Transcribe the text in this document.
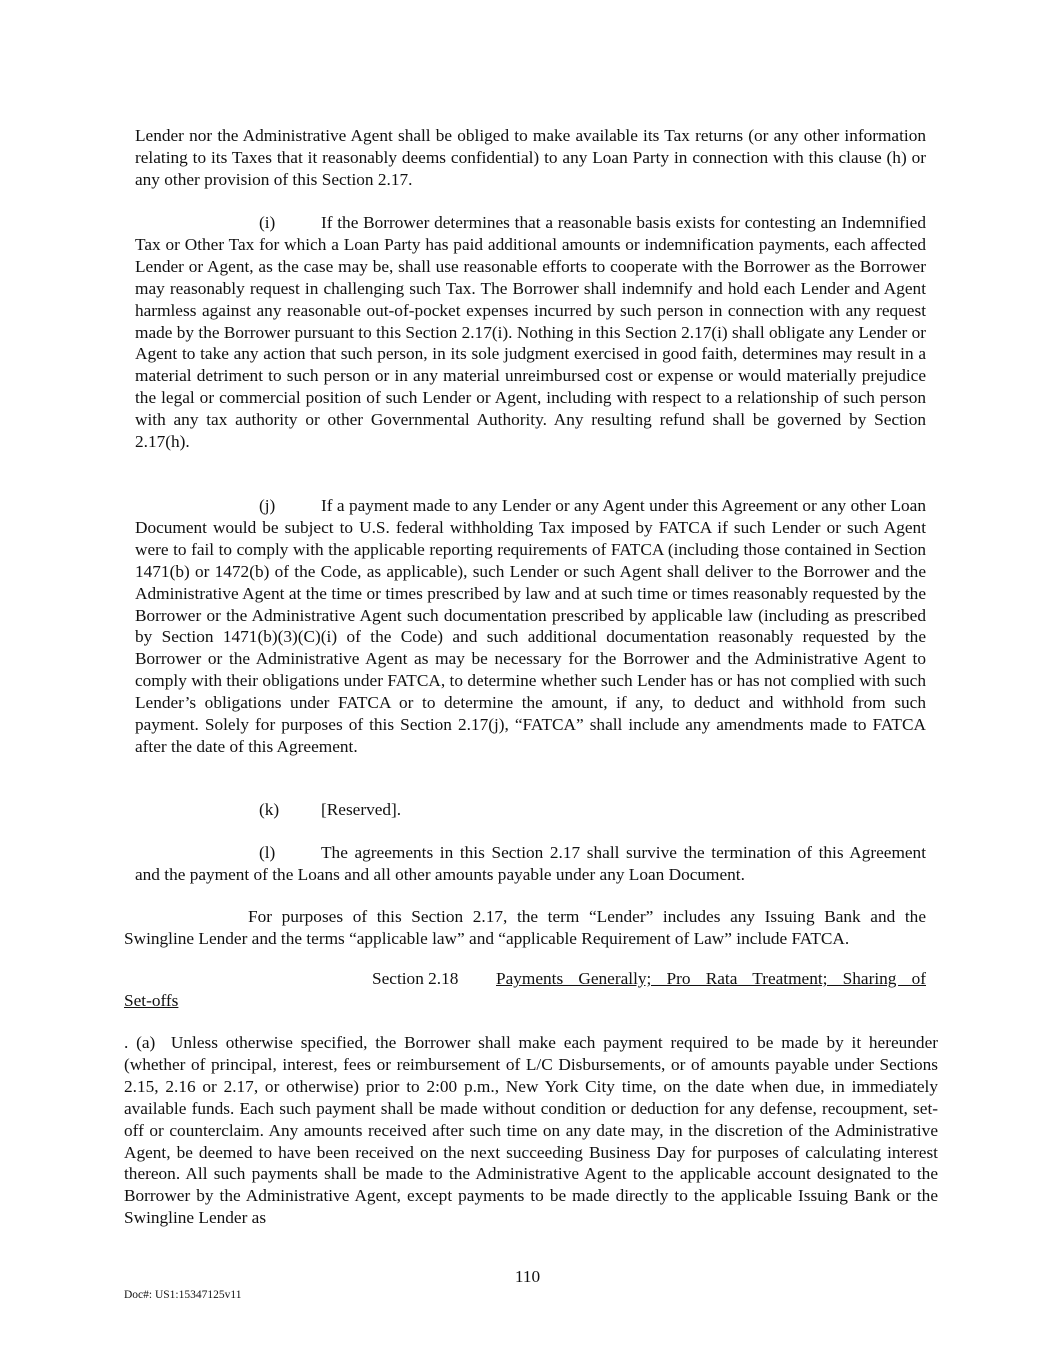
Lender nor the Administrative Agent shall be obliged to make available its Tax returns (or any other information relating to its Taxes that it reasonably deems confidential) to any Loan Party in connection with this clause (h) or any other provision of this Section 2.17.

(i)	If the Borrower determines that a reasonable basis exists for contesting an Indemnified Tax or Other Tax for which a Loan Party has paid additional amounts or indemnification payments, each affected Lender or Agent, as the case may be, shall use reasonable efforts to cooperate with the Borrower as the Borrower may reasonably request in challenging such Tax. The Borrower shall indemnify and hold each Lender and Agent harmless against any reasonable out-of-pocket expenses incurred by such person in connection with any request made by the Borrower pursuant to this Section 2.17(i). Nothing in this Section 2.17(i) shall obligate any Lender or Agent to take any action that such person, in its sole judgment exercised in good faith, determines may result in a material detriment to such person or in any material unreimbursed cost or expense or would materially prejudice the legal or commercial position of such Lender or Agent, including with respect to a relationship of such person with any tax authority or other Governmental Authority. Any resulting refund shall be governed by Section 2.17(h).

(j)	If a payment made to any Lender or any Agent under this Agreement or any other Loan Document would be subject to U.S. federal withholding Tax imposed by FATCA if such Lender or such Agent were to fail to comply with the applicable reporting requirements of FATCA (including those contained in Section 1471(b) or 1472(b) of the Code, as applicable), such Lender or such Agent shall deliver to the Borrower and the Administrative Agent at the time or times prescribed by law and at such time or times reasonably requested by the Borrower or the Administrative Agent such documentation prescribed by applicable law (including as prescribed by Section 1471(b)(3)(C)(i) of the Code) and such additional documentation reasonably requested by the Borrower or the Administrative Agent as may be necessary for the Borrower and the Administrative Agent to comply with their obligations under FATCA, to determine whether such Lender has or has not complied with such Lender’s obligations under FATCA or to determine the amount, if any, to deduct and withhold from such payment. Solely for purposes of this Section 2.17(j), “FATCA” shall include any amendments made to FATCA after the date of this Agreement.

(k) [Reserved].

(l)	The agreements in this Section 2.17 shall survive the termination of this Agreement and the payment of the Loans and all other amounts payable under any Loan Document.

For purposes of this Section 2.17, the term “Lender” includes any Issuing Bank and the Swingline Lender and the terms “applicable law” and “applicable Requirement of Law” include FATCA.

Section 2.18 Payments Generally; Pro Rata Treatment; Sharing of
Set-offs

. (a) Unless otherwise specified, the Borrower shall make each payment required to be made by it hereunder (whether of principal, interest, fees or reimbursement of L/C Disbursements, or of amounts payable under Sections 2.15, 2.16 or 2.17, or otherwise) prior to 2:00 p.m., New York City time, on the date when due, in immediately available funds. Each such payment shall be made without condition or deduction for any defense, recoupment, set-off or counterclaim. Any amounts received after such time on any date may, in the discretion of the Administrative Agent, be deemed to have been received on the next succeeding Business Day for purposes of calculating interest thereon. All such payments shall be made to the Administrative Agent to the applicable account designated to the Borrower by the Administrative Agent, except payments to be made directly to the applicable Issuing Bank or the Swingline Lender as

110
Doc#: US1:15347125v11
